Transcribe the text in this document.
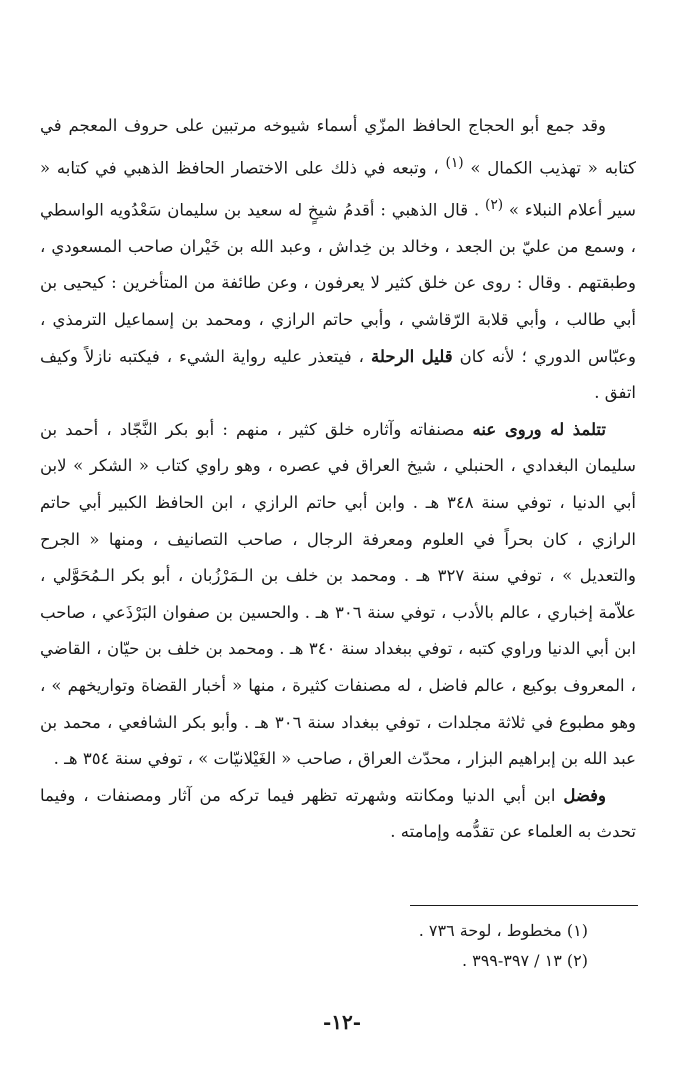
وقد جمع أبو الحجاج الحافظ المزّي أسماء شيوخه مرتبين على حروف المعجم في كتابه « تهذيب الكمال » $^{(١)}$ ، وتبعه في ذلك على الاختصار الحافظ الذهبي في كتابه « سير أعلام النبلاء » $^{(٢)}$ . قال الذهبي : أقدمُ شيخٍ له سعيد بن سليمان سَعْدُويه الواسطي ، وسمع من عليّ بن الجعد ، وخالد بن خِداش ، وعبد الله بن خَيْران صاحب المسعودي ، وطبقتهم . وقال : روى عن خلق كثير لا يعرفون ، وعن طائفة من المتأخرين : كيحيى بن أبي طالب ، وأبي قلابة الرّقاشي ، وأبي حاتم الرازي ، ومحمد بن إسماعيل الترمذي ، وعبّاس الدوري ؛ لأنه كان قليل الرحلة ، فيتعذر عليه رواية الشيء ، فيكتبه نازلاً وكيف اتفق .

تتلمذ له وروى عنه مصنفاته وآثاره خلق كثير ، منهم : أبو بكر النَّجّاد ، أحمد بن سليمان البغدادي ، الحنبلي ، شيخ العراق في عصره ، وهو راوي كتاب « الشكر » لابن أبي الدنيا ، توفي سنة ٣٤٨ هـ . وابن أبي حاتم الرازي ، ابن الحافظ الكبير أبي حاتم الرازي ، كان بحراً في العلوم ومعرفة الرجال ، صاحب التصانيف ، ومنها « الجرح والتعديل » ، توفي سنة ٣٢٧ هـ . ومحمد بن خلف بن الـمَرْزُبان ، أبو بكر الـمُحَوَّلي ، علاّمة إخباري ، عالم بالأدب ، توفي سنة ٣٠٦ هـ . والحسين بن صفوان البَرْذَعي ، صاحب ابن أبي الدنيا وراوي كتبه ، توفي ببغداد سنة ٣٤٠ هـ . ومحمد بن خلف بن حيّان ، القاضي ، المعروف بوكيع ، عالم فاضل ، له مصنفات كثيرة ، منها « أخبار القضاة وتواريخهم » ، وهو مطبوع في ثلاثة مجلدات ، توفي ببغداد سنة ٣٠٦ هـ . وأبو بكر الشافعي ، محمد بن عبد الله بن إبراهيم البزار ، محدّث العراق ، صاحب « الغَيْلانيّات » ، توفي سنة ٣٥٤ هـ .

وفضل ابن أبي الدنيا ومكانته وشهرته تظهر فيما تركه من آثار ومصنفات ، وفيما تحدث به العلماء عن تقدُّمه وإمامته .

(١) مخطوط ، لوحة ٧٣٦ .

(٢) ١٣ / ٣٩٧-٣٩٩ .

-١٢-
